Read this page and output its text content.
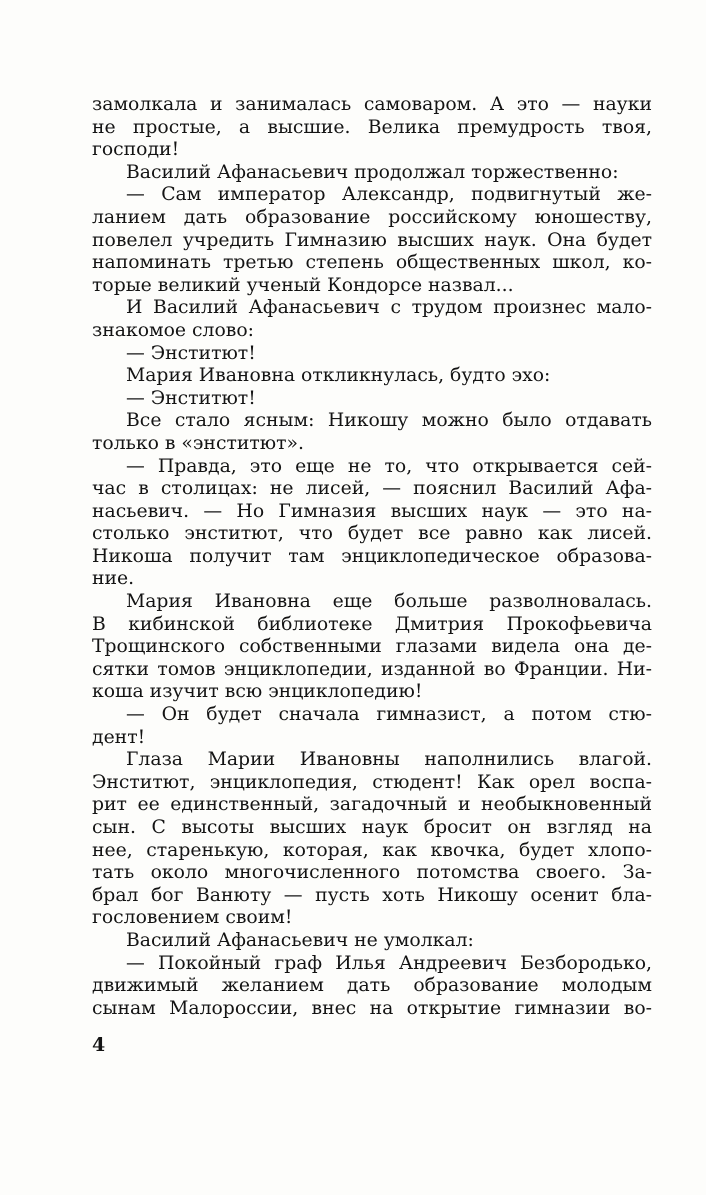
замолкала и занималась самоваром. А это — науки
не простые, а высшие. Велика премудрость твоя,
господи!
Василий Афанасьевич продолжал торжественно:
— Сам император Александр, подвигнутый же-
ланием дать образование российскому юношеству,
повелел учредить Гимназию высших наук. Она будет
напоминать третью степень общественных школ, ко-
торые великий ученый Кондорсе назвал...
И Василий Афанасьевич с трудом произнес мало-
знакомое слово:
— Энститют!
Мария Ивановна откликнулась, будто эхо:
— Энститют!
Все стало ясным: Никошу можно было отдавать
только в «энститют».
— Правда, это еще не то, что открывается сей-
час в столицах: не лисей, — пояснил Василий Афа-
насьевич. — Но Гимназия высших наук — это на-
столько энститют, что будет все равно как лисей.
Никоша получит там энциклопедическое образова-
ние.
Мария Ивановна еще больше разволновалась.
В кибинской библиотеке Дмитрия Прокофьевича
Трощинского собственными глазами видела она де-
сятки томов энциклопедии, изданной во Франции. Ни-
коша изучит всю энциклопедию!
— Он будет сначала гимназист, а потом стю-
дент!
Глаза Марии Ивановны наполнились влагой.
Энститют, энциклопедия, стюдент! Как орел воспа-
рит ее единственный, загадочный и необыкновенный
сын. С высоты высших наук бросит он взгляд на
нее, старенькую, которая, как квочка, будет хлопо-
тать около многочисленного потомства своего. За-
брал бог Ванюту — пусть хоть Никошу осенит бла-
гословением своим!
Василий Афанасьевич не умолкал:
— Покойный граф Илья Андреевич Безбородько,
движимый желанием дать образование молодым
сынам Малороссии, внес на открытие гимназии во-
4
